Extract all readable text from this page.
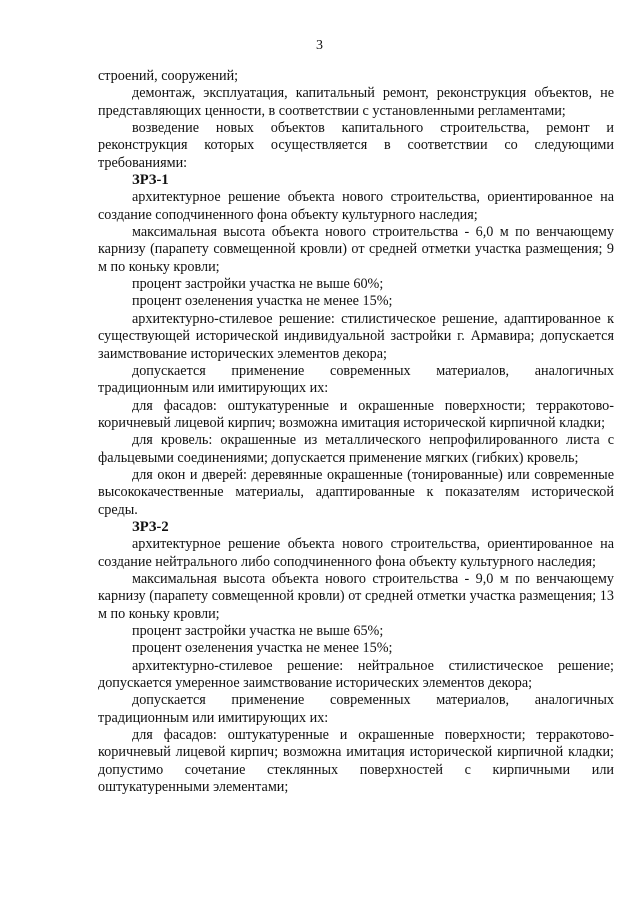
3
строений, сооружений;
демонтаж, эксплуатация, капитальный ремонт, реконструкция объектов, не представляющих ценности, в соответствии с установленными регламентами;
возведение новых объектов капитального строительства, ремонт и реконструкция которых осуществляется в соответствии со следующими требованиями:
ЗРЗ-1
архитектурное решение объекта нового строительства, ориентированное на создание соподчиненного фона объекту культурного наследия;
максимальная высота объекта нового строительства - 6,0 м по венчающему карнизу (парапету совмещенной кровли) от средней отметки участка размещения; 9 м по коньку кровли;
процент застройки участка не выше 60%;
процент озеленения участка не менее 15%;
архитектурно-стилевое решение: стилистическое решение, адаптированное к существующей исторической индивидуальной застройки г. Армавира; допускается заимствование исторических элементов декора;
допускается применение современных материалов, аналогичных традиционным или имитирующих их:
для фасадов: оштукатуренные и окрашенные поверхности; терракотово-коричневый лицевой кирпич; возможна имитация исторической кирпичной кладки;
для кровель: окрашенные из металлического непрофилированного листа с фальцевыми соединениями; допускается применение мягких (гибких) кровель;
для окон и дверей: деревянные окрашенные (тонированные) или современные высококачественные материалы, адаптированные к показателям исторической среды.
ЗРЗ-2
архитектурное решение объекта нового строительства, ориентированное на создание нейтрального либо соподчиненного фона объекту культурного наследия;
максимальная высота объекта нового строительства - 9,0 м по венчающему карнизу (парапету совмещенной кровли) от средней отметки участка размещения; 13 м по коньку кровли;
процент застройки участка не выше 65%;
процент озеленения участка не менее 15%;
архитектурно-стилевое решение: нейтральное стилистическое решение; допускается умеренное заимствование исторических элементов декора;
допускается применение современных материалов, аналогичных традиционным или имитирующих их:
для фасадов: оштукатуренные и окрашенные поверхности; терракотово-коричневый лицевой кирпич; возможна имитация исторической кирпичной кладки; допустимо сочетание стеклянных поверхностей с кирпичными или оштукатуренными элементами;
